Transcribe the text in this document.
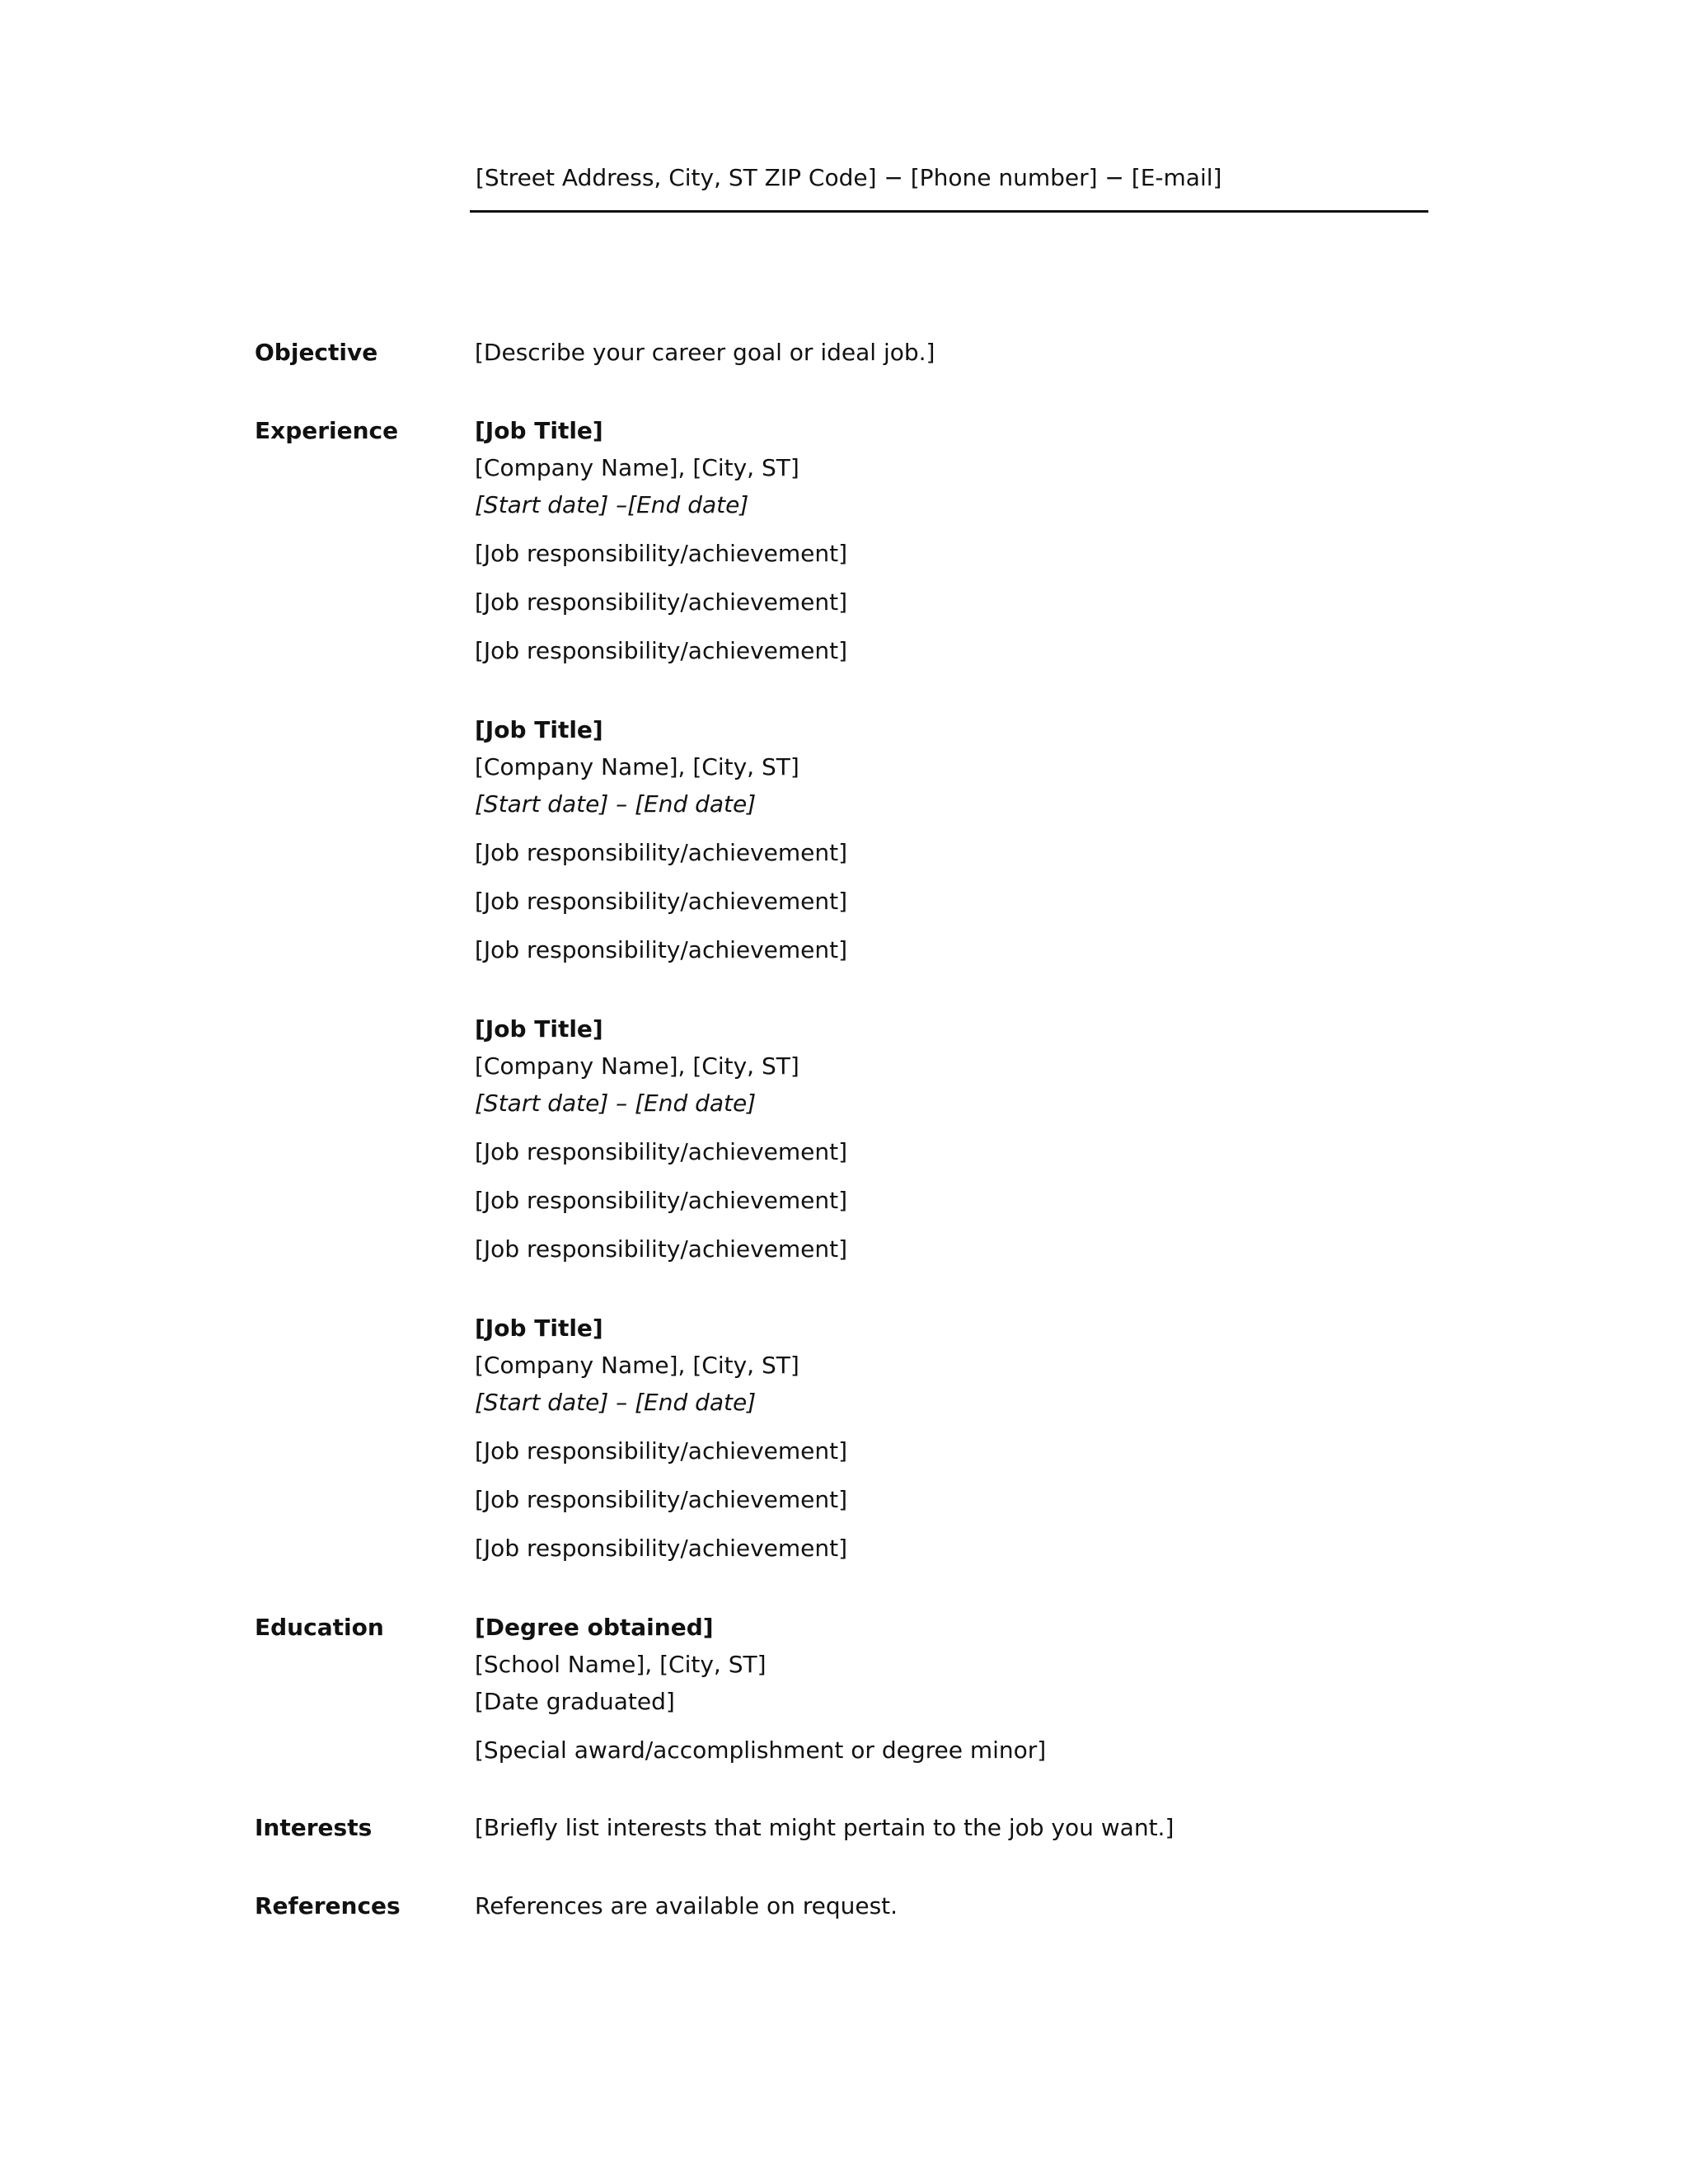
[Street Address, City, ST ZIP Code] − [Phone number] − [E-mail]
Objective	[Describe your career goal or ideal job.]
Experience	[Job Title]
[Company Name], [City, ST]
[Start date] –[End date]
[Job responsibility/achievement]
[Job responsibility/achievement]
[Job responsibility/achievement]
[Job Title]
[Company Name], [City, ST]
[Start date] – [End date]
[Job responsibility/achievement]
[Job responsibility/achievement]
[Job responsibility/achievement]
[Job Title]
[Company Name], [City, ST]
[Start date] – [End date]
[Job responsibility/achievement]
[Job responsibility/achievement]
[Job responsibility/achievement]
[Job Title]
[Company Name], [City, ST]
[Start date] – [End date]
[Job responsibility/achievement]
[Job responsibility/achievement]
[Job responsibility/achievement]
Education	[Degree obtained]
[School Name], [City, ST]
[Date graduated]
[Special award/accomplishment or degree minor]
Interests	[Briefly list interests that might pertain to the job you want.]
References	References are available on request.
